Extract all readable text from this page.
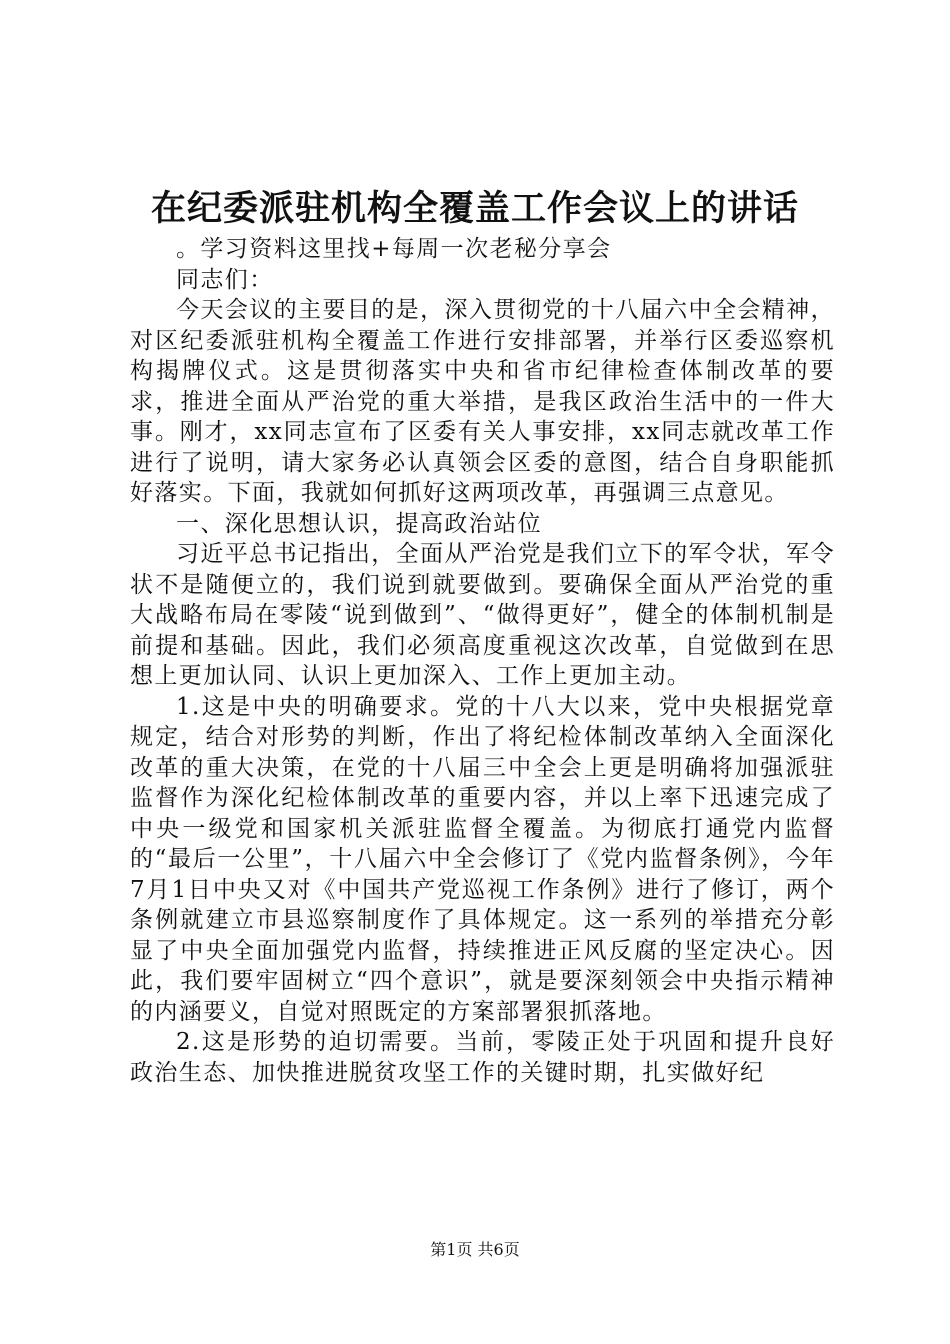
在纪委派驻机构全覆盖工作会议上的讲话

。学习资料这里找+每周一次老秘分享会

同志们：

今天会议的主要目的是，深入贯彻党的十八届六中全会精神，对区纪委派驻机构全覆盖工作进行安排部署，并举行区委巡察机构揭牌仪式。这是贯彻落实中央和省市纪律检查体制改革的要求，推进全面从严治党的重大举措，是我区政治生活中的一件大事。刚才，xx同志宣布了区委有关人事安排，xx同志就改革工作进行了说明，请大家务必认真领会区委的意图，结合自身职能抓好落实。下面，我就如何抓好这两项改革，再强调三点意见。

一、深化思想认识，提高政治站位

习近平总书记指出，全面从严治党是我们立下的军令状，军令状不是随便立的，我们说到就要做到。要确保全面从严治党的重大战略布局在零陵“说到做到”、“做得更好”，健全的体制机制是前提和基础。因此，我们必须高度重视这次改革，自觉做到在思想上更加认同、认识上更加深入、工作上更加主动。

1.这是中央的明确要求。党的十八大以来，党中央根据党章规定，结合对形势的判断，作出了将纪检体制改革纳入全面深化改革的重大决策，在党的十八届三中全会上更是明确将加强派驻监督作为深化纪检体制改革的重要内容，并以上率下迅速完成了中央一级党和国家机关派驻监督全覆盖。为彻底打通党内监督的“最后一公里”，十八届六中全会修订了《党内监督条例》，今年7月1日中央又对《中国共产党巡视工作条例》进行了修订，两个条例就建立市县巡察制度作了具体规定。这一系列的举措充分彰显了中央全面加强党内监督，持续推进正风反腐的坚定决心。因此，我们要牢固树立“四个意识”，就是要深刻领会中央指示精神的内涵要义，自觉对照既定的方案部署狠抓落地。

2.这是形势的迫切需要。当前，零陵正处于巩固和提升良好政治生态、加快推进脱贫攻坚工作的关键时期，扎实做好纪

第1页 共6页
